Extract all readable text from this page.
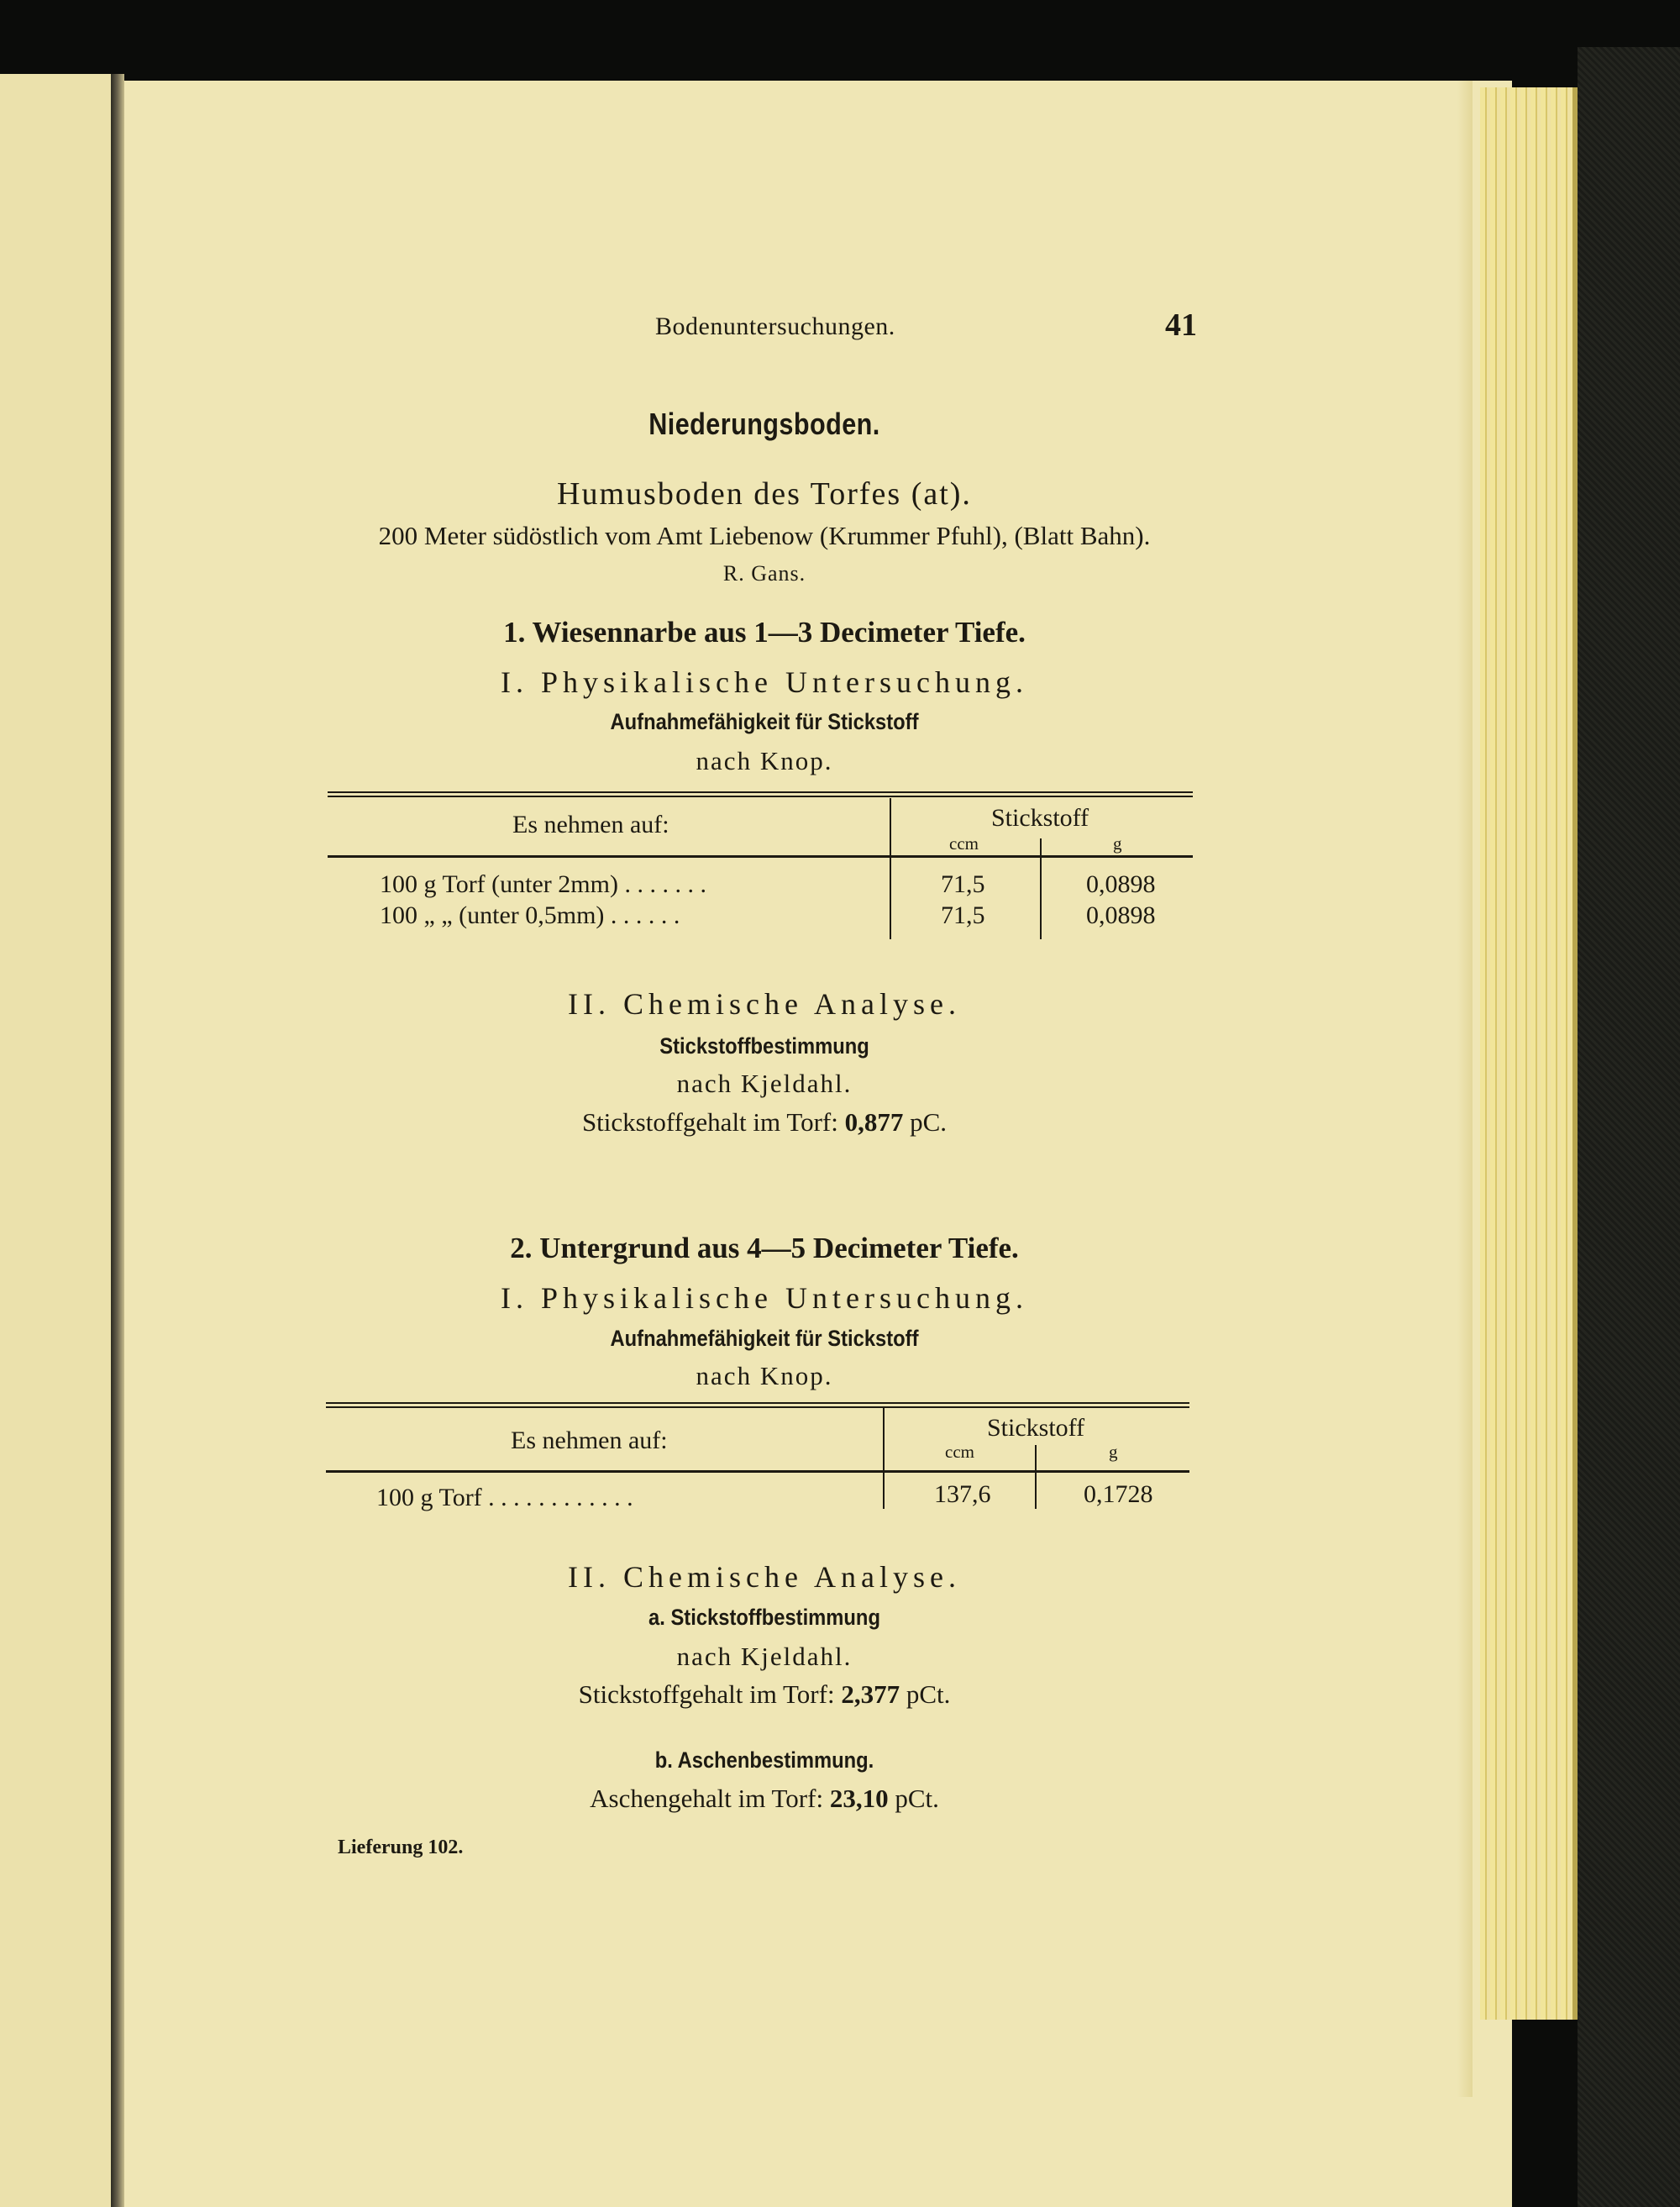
Bodenuntersuchungen.	41
Niederungsboden.
Humusboden des Torfes (at).
200 Meter südöstlich vom Amt Liebenow (Krummer Pfuhl), (Blatt Bahn).
R. Gans.
1. Wiesennarbe aus 1—3 Decimeter Tiefe.
I. Physikalische Untersuchung.
Aufnahmefähigkeit für Stickstoff
nach Knop.
Es nehmen auf:	Stickstoff
ccm	g
100 g Torf (unter 2mm) . . . . . . .	71,5	0,0898
100 „ „ (unter 0,5mm) . . . . . .	71,5	0,0898
II. Chemische Analyse.
Stickstoffbestimmung
nach Kjeldahl.
Stickstoffgehalt im Torf: 0,877 pC.
2. Untergrund aus 4—5 Decimeter Tiefe.
I. Physikalische Untersuchung.
Aufnahmefähigkeit für Stickstoff
nach Knop.
Es nehmen auf:	Stickstoff
ccm	g
100 g Torf . . . . . . . . . . . .	137,6	0,1728
II. Chemische Analyse.
a. Stickstoffbestimmung
nach Kjeldahl.
Stickstoffgehalt im Torf: 2,377 pCt.
b. Aschenbestimmung.
Aschengehalt im Torf: 23,10 pCt.
Lieferung 102.
